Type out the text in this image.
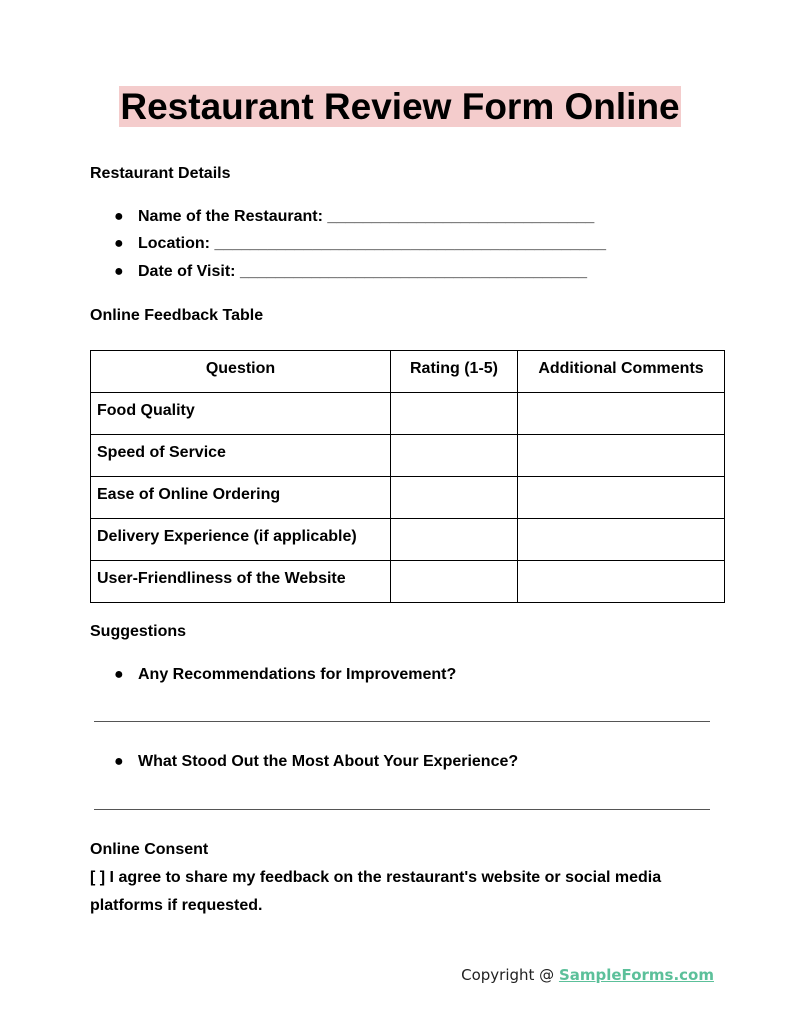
Restaurant Review Form Online
Restaurant Details
● Name of the Restaurant: ______________________________
● Location: ____________________________________________
● Date of Visit: _______________________________________
Online Feedback Table
Question	Rating (1-5)	Additional Comments
Food Quality		
Speed of Service		
Ease of Online Ordering		
Delivery Experience (if applicable)		
User-Friendliness of the Website		
Suggestions
● Any Recommendations for Improvement?
● What Stood Out the Most About Your Experience?
Online Consent
[ ] I agree to share my feedback on the restaurant's website or social media platforms if requested.
Copyright @ SampleForms.com
